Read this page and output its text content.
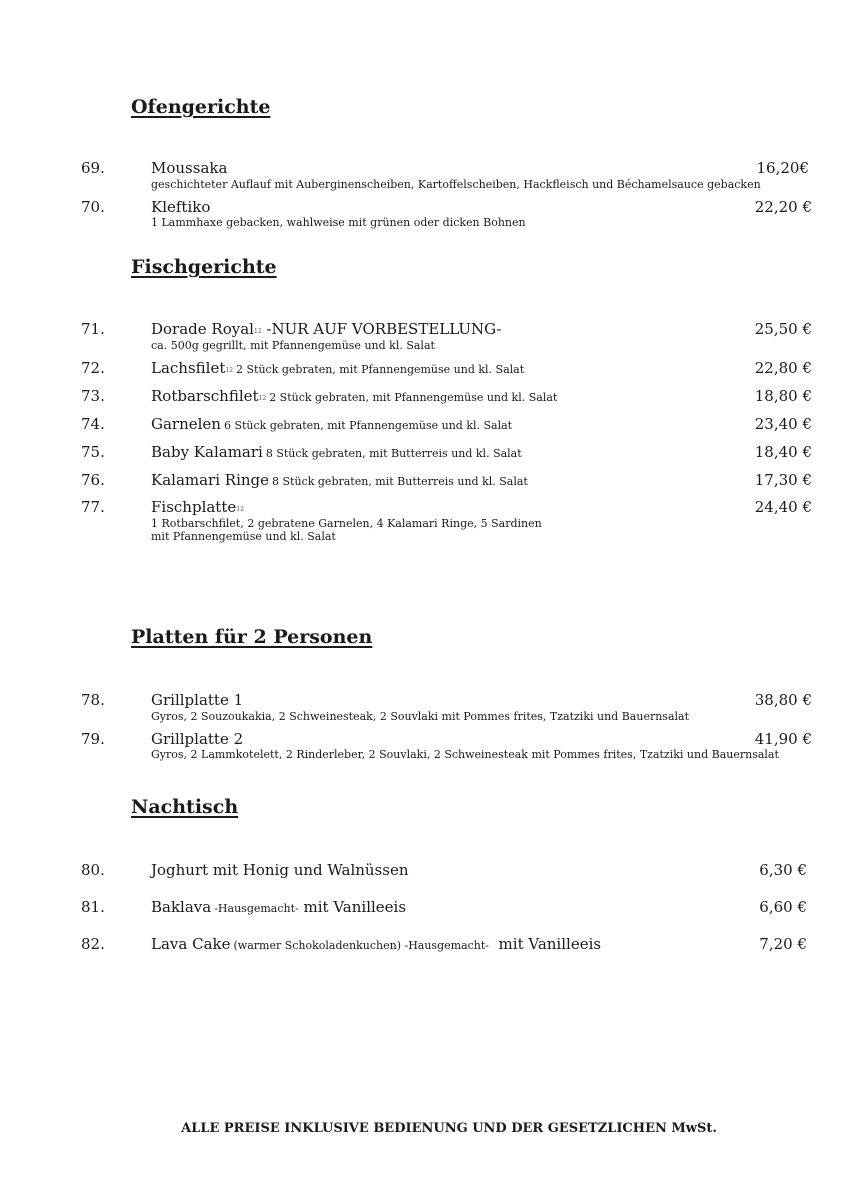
Ofengerichte
69.	Moussaka
geschichteter Auflauf mit Auberginenscheiben, Kartoffelscheiben, Hackfleisch und Béchamelsauce gebacken
16,20€
70.	Kleftiko
1 Lammhaxe gebacken, wahlweise mit grünen oder dicken Bohnen
22,20 €
Fischgerichte
71.	Dorade Royal12 -NUR AUF VORBESTELLUNG-
ca. 500g gegrillt, mit Pfannengemüse und kl. Salat
25,50 €
72.	Lachsfilet12 2 Stück gebraten, mit Pfannengemüse und kl. Salat	22,80 €
73.	Rotbarschfilet12 2 Stück gebraten, mit Pfannengemüse und kl. Salat	18,80 €
74.	Garnelen 6 Stück gebraten, mit Pfannengemüse und kl. Salat	23,40 €
75.	Baby Kalamari 8 Stück gebraten, mit Butterreis und kl. Salat	18,40 €
76.	Kalamari Ringe 8 Stück gebraten, mit Butterreis und kl. Salat	17,30 €
77.	Fischplatte12
1 Rotbarschfilet, 2 gebratene Garnelen, 4 Kalamari Ringe, 5 Sardinen
mit Pfannengemüse und kl. Salat
24,40 €
Platten für 2 Personen
78.	Grillplatte 1
Gyros, 2 Souzoukakia, 2 Schweinesteak, 2 Souvlaki mit Pommes frites, Tzatziki und Bauernsalat
38,80 €
79.	Grillplatte 2
Gyros, 2 Lammkotelett, 2 Rinderleber, 2 Souvlaki, 2 Schweinesteak mit Pommes frites, Tzatziki und Bauernsalat
41,90 €
Nachtisch
80.	Joghurt mit Honig und Walnüssen	6,30 €
81.	Baklava -Hausgemacht- mit Vanilleeis	6,60 €
82.	Lava Cake (warmer Schokoladenkuchen) -Hausgemacht-  mit Vanilleeis	7,20 €
ALLE PREISE INKLUSIVE BEDIENUNG UND DER GESETZLICHEN MwSt.
